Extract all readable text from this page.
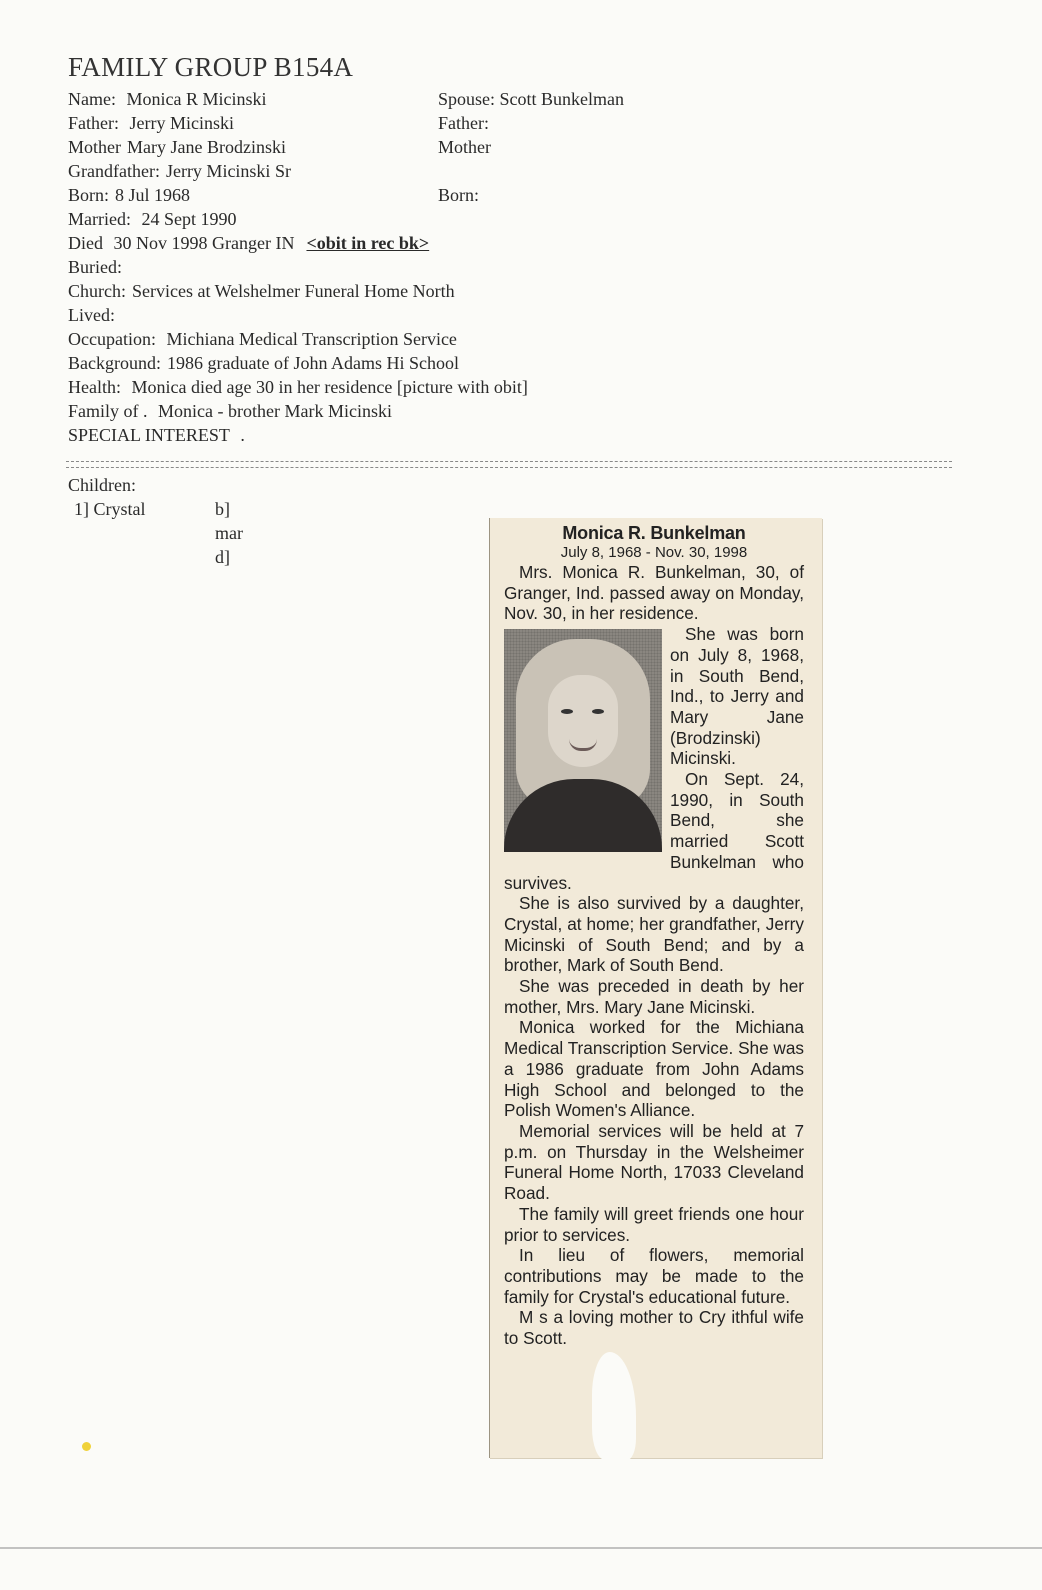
FAMILY GROUP B154A
Name: Monica R Micinski
Father: Jerry Micinski
Mother Mary Jane Brodzinski
Grandfather: Jerry Micinski Sr
Born: 8 Jul 1968
Married: 24 Sept 1990
Died 30 Nov 1998 Granger IN <obit in rec bk>
Buried:
Church: Services at Welshelmer Funeral Home North
Lived:
Occupation: Michiana Medical Transcription Service
Background: 1986 graduate of John Adams Hi School
Health: Monica died age 30 in her residence [picture with obit]
Family of . Monica - brother Mark Micinski
SPECIAL INTEREST .
Spouse: Scott Bunkelman
Father:
Mother
Born:
Children:
1] Crystal	b]
mar
d]
Monica R. Bunkelman
July 8, 1968 - Nov. 30, 1998

Mrs. Monica R. Bunkelman, 30, of Granger, Ind. passed away on Monday, Nov. 30, in her residence.

She was born on July 8, 1968, in South Bend, Ind., to Jerry and Mary Jane (Brodzinski) Micinski.

On Sept. 24, 1990, in South Bend, she married Scott Bunkelman who survives.

She is also survived by a daughter, Crystal, at home; her grandfather, Jerry Micinski of South Bend; and by a brother, Mark of South Bend.

She was preceded in death by her mother, Mrs. Mary Jane Micinski.

Monica worked for the Michiana Medical Transcription Service. She was a 1986 graduate from John Adams High School and belonged to the Polish Women's Alliance.

Memorial services will be held at 7 p.m. on Thursday in the Welsheimer Funeral Home North, 17033 Cleveland Road.

The family will greet friends one hour prior to services.

In lieu of flowers, memorial contributions may be made to the family for Crystal's educational future.

M s a loving mother to Cry ithful wife to Scott.
